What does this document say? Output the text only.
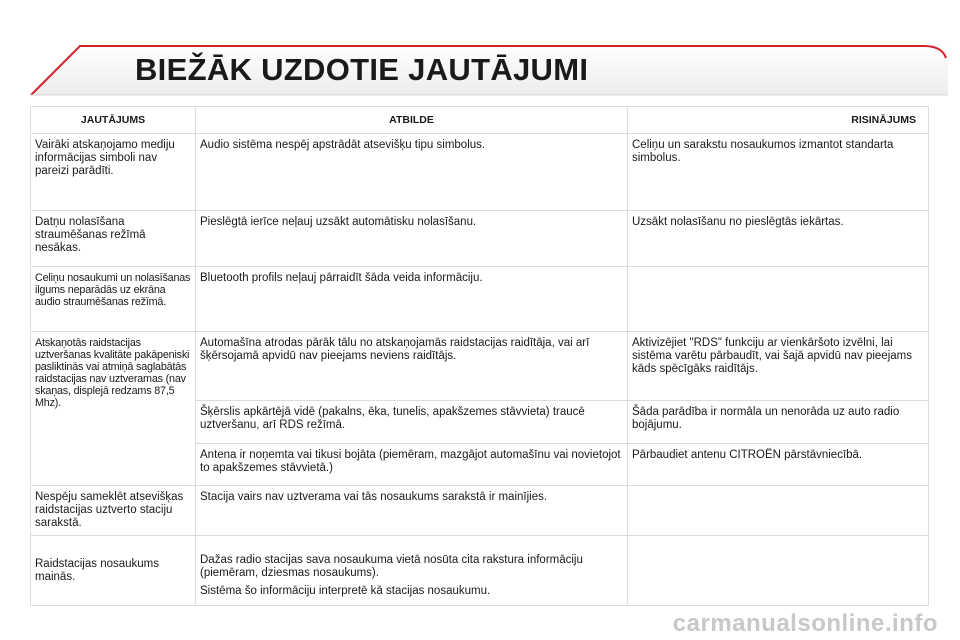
BIEŽĀK UZDOTIE JAUTĀJUMI
JAUTĀJUMS	ATBILDE	RISINĀJUMS
Vairāki atskaņojamo mediju informācijas simboli nav pareizi parādīti.	Audio sistēma nespēj apstrādāt atsevišķu tipu simbolus.	Celiņu un sarakstu nosaukumos izmantot standarta simbolus.
Datņu nolasīšana straumēšanas režīmā nesākas.	Pieslēgtā ierīce neļauj uzsākt automātisku nolasīšanu.	Uzsākt nolasīšanu no pieslēgtās iekārtas.
Celiņu nosaukumi un nolasīšanas ilgums neparādās uz ekrāna audio straumēšanas režīmā.	Bluetooth profils neļauj pārraidīt šāda veida informāciju.	
Atskaņotās raidstacijas uztveršanas kvalitāte pakāpeniski pasliktinās vai atmiņā saglabātās raidstacijas nav uztveramas (nav skaņas, displejā redzams 87,5 Mhz).	Automašīna atrodas pārāk tālu no atskaņojamās raidstacijas raidītāja, vai arī šķērsojamā apvidū nav pieejams neviens raidītājs.	Aktivizējiet "RDS" funkciju ar vienkāršoto izvēlni, lai sistēma varētu pārbaudīt, vai šajā apvidū nav pieejams kāds spēcīgāks raidītājs.
	Šķērslis apkārtējā vidē (pakalns, ēka, tunelis, apakšzemes stāvvieta) traucē uztveršanu, arī RDS režīmā.	Šāda parādība ir normāla un nenorāda uz auto radio bojājumu.
	Antena ir noņemta vai tikusi bojāta (piemēram, mazgājot automašīnu vai novietojot to apakšzemes stāvvietā.)	Pārbaudiet antenu CITROËN pārstāvniecībā.
Nespēju sameklēt atsevišķas raidstacijas uztverto staciju sarakstā.	Stacija vairs nav uztverama vai tās nosaukums sarakstā ir mainījies.	
Raidstacijas nosaukums mainās.	Dažas radio stacijas sava nosaukuma vietā nosūta cita rakstura informāciju (piemēram, dziesmas nosaukums).

Sistēma šo informāciju interpretē kā stacijas nosaukumu.	

carmanualsonline.info
